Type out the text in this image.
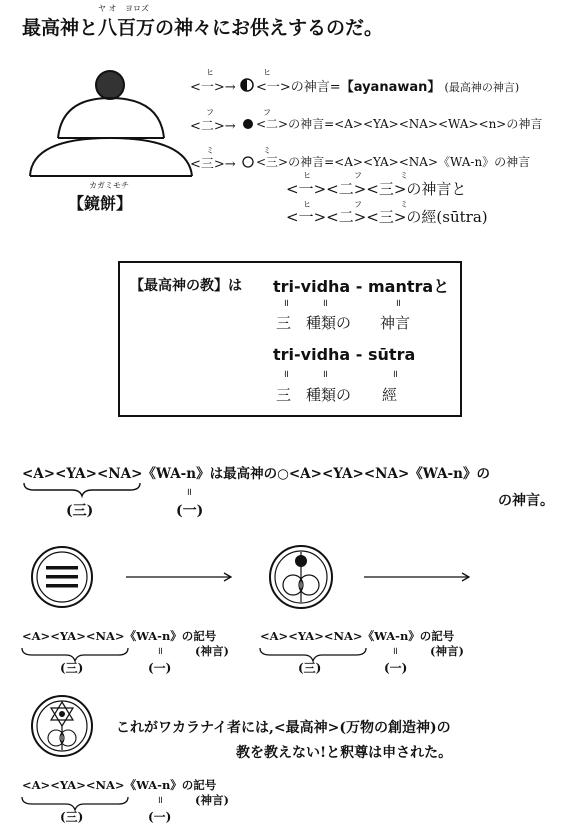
ヤ オ ヨロズ
最高神と八百万の神々にお供えするのだ。
カガミモチ
【鏡餅】
ヒ	ヒ
<一>→ <一>の神言=【ayanawan】 (最高神の神言)
フ	フ
<二>→ <二>の神言=<A><YA><NA><WA><n>の神言
ミ	ミ
<三>→ <三>の神言=<A><YA><NA>《WA-n》の神言
ヒ	フ	ミ
<一><二><三>の神言と
ヒ	フ	ミ
<一><二><三>の經(sūtra)
【最高神の教】は tri-vidha - mantraと
॥	॥	॥
三 種類の 神言
tri-vidha - sūtra
॥	॥	॥
三 種類の 經
<A><YA><NA>《WA-n》は最高神の○<A><YA><NA>《WA-n》の
॥
(三)	(一)
の神言。
<A><YA><NA>《WA-n》の記号
॥	(神言)
(三)	(一)
<A><YA><NA>《WA-n》の記号
॥	(神言)
(三)	(一)
<A><YA><NA>《WA-n》の記号
॥	(神言)
(三)	(一)
これがワカラナイ者には,<最高神>(万物の創造神)の
教を教えない!と釈尊は申された。
